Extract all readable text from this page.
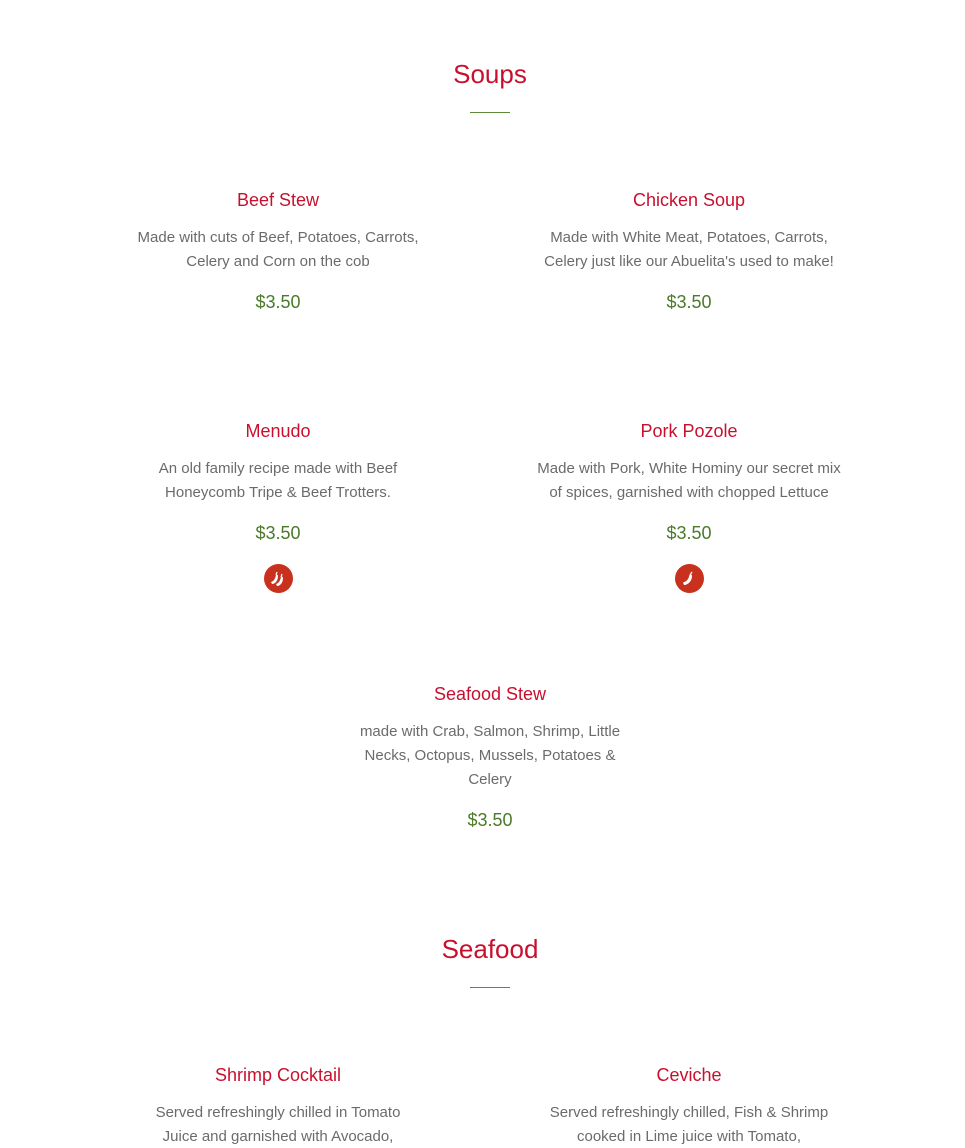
Soups
Beef Stew
Made with cuts of Beef, Potatoes, Carrots, Celery and Corn on the cob
$3.50
Chicken Soup
Made with White Meat, Potatoes, Carrots, Celery just like our Abuelita's used to make!
$3.50
Menudo
An old family recipe made with Beef Honeycomb Tripe & Beef Trotters.
$3.50
Pork Pozole
Made with Pork, White Hominy our secret mix of spices, garnished with chopped Lettuce
$3.50
Seafood Stew
made with Crab, Salmon, Shrimp, Little Necks, Octopus, Mussels, Potatoes & Celery
$3.50
Seafood
Shrimp Cocktail
Served refreshingly chilled in Tomato Juice and garnished with Avocado,
Ceviche
Served refreshingly chilled, Fish & Shrimp cooked in Lime juice with Tomato,
